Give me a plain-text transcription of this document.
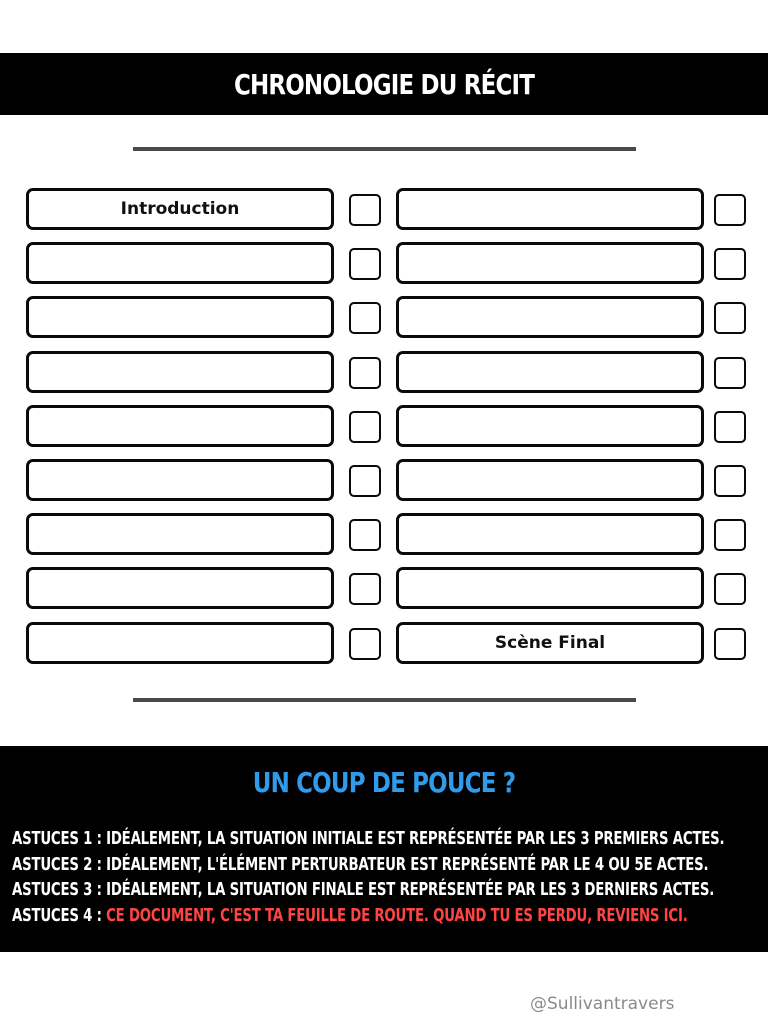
CHRONOLOGIE DU RÉCIT
Introduction
Scène Final
UN COUP DE POUCE ?
ASTUCES 1 : IDÉALEMENT, LA SITUATION INITIALE EST REPRÉSENTÉE PAR LES 3 PREMIERS ACTES.
ASTUCES 2 : IDÉALEMENT, L'ÉLÉMENT PERTURBATEUR EST REPRÉSENTÉ PAR LE 4 OU 5E ACTES.
ASTUCES 3 : IDÉALEMENT, LA SITUATION FINALE EST REPRÉSENTÉE PAR LES 3 DERNIERS ACTES.
ASTUCES 4 : CE DOCUMENT, C'EST TA FEUILLE DE ROUTE. QUAND TU ES PERDU, REVIENS ICI.
@Sullivantravers
